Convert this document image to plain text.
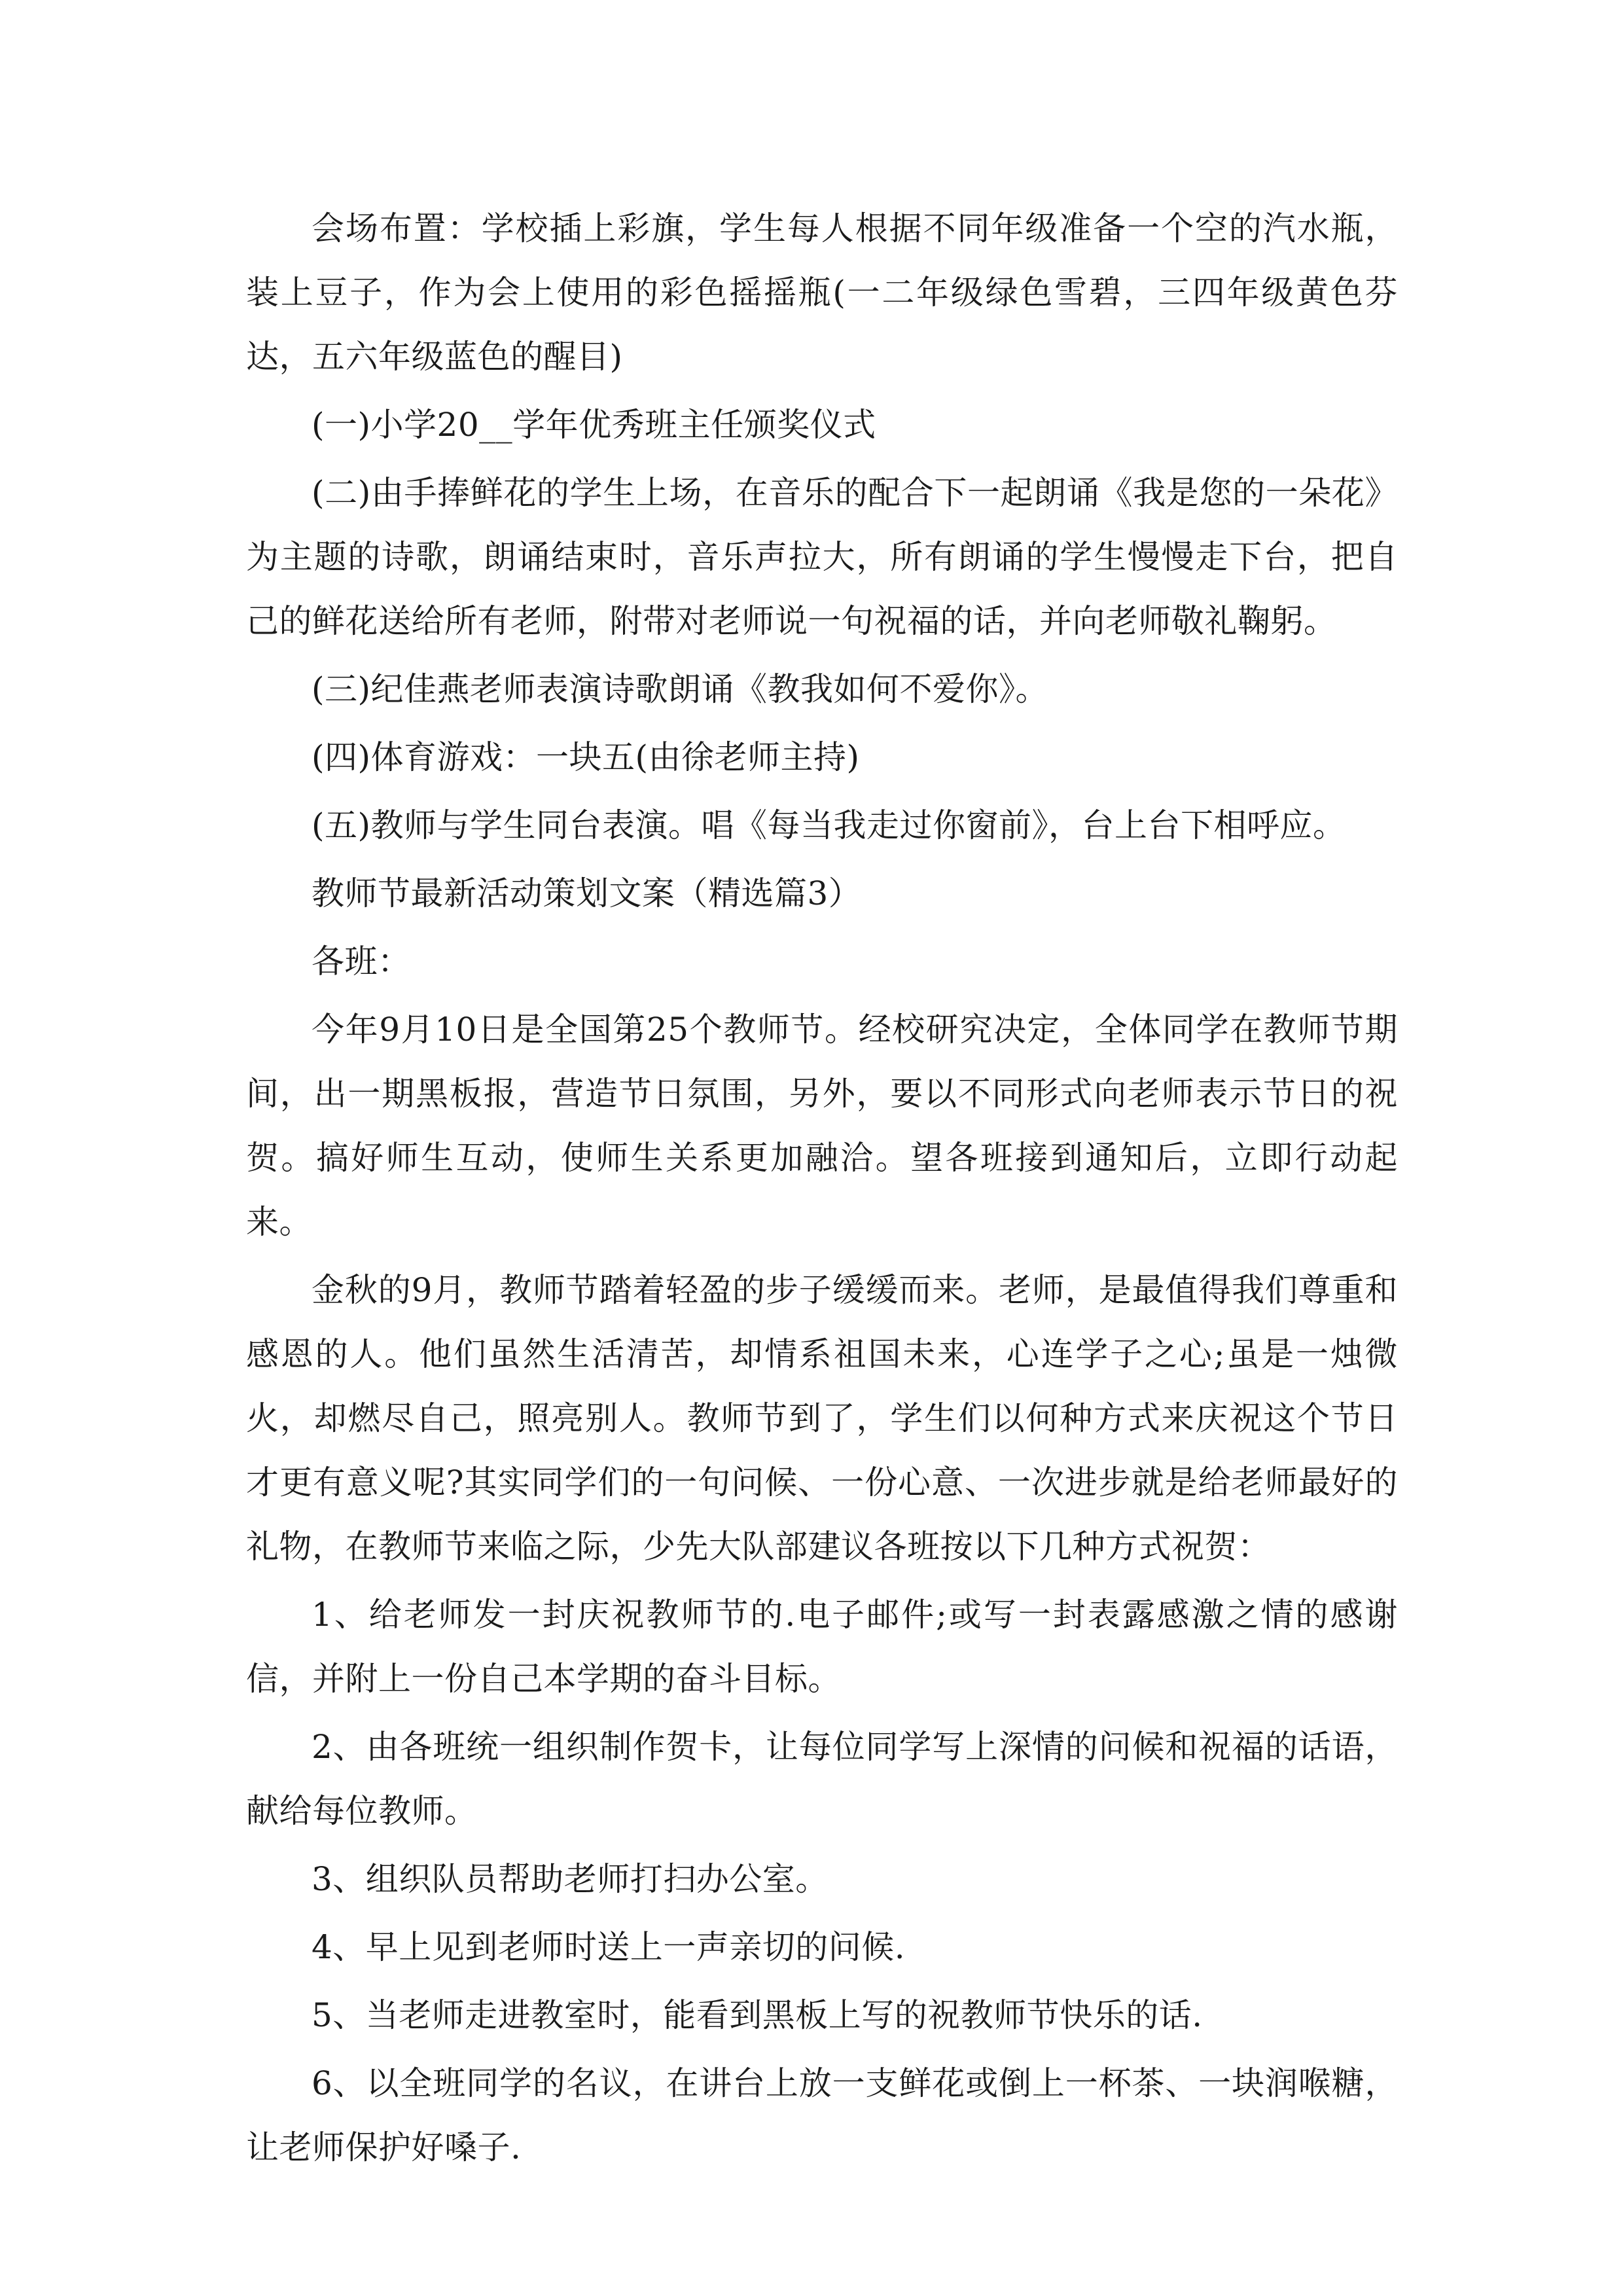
会场布置：学校插上彩旗，学生每人根据不同年级准备一个空的汽水瓶，装上豆子，作为会上使用的彩色摇摇瓶(一二年级绿色雪碧，三四年级黄色芬达，五六年级蓝色的醒目)

(一)小学20__学年优秀班主任颁奖仪式

(二)由手捧鲜花的学生上场，在音乐的配合下一起朗诵《我是您的一朵花》为主题的诗歌，朗诵结束时，音乐声拉大，所有朗诵的学生慢慢走下台，把自己的鲜花送给所有老师，附带对老师说一句祝福的话，并向老师敬礼鞠躬。

(三)纪佳燕老师表演诗歌朗诵《教我如何不爱你》。

(四)体育游戏：一块五(由徐老师主持)

(五)教师与学生同台表演。唱《每当我走过你窗前》，台上台下相呼应。

教师节最新活动策划文案（精选篇3）

各班：

今年9月10日是全国第25个教师节。经校研究决定，全体同学在教师节期间，出一期黑板报，营造节日氛围，另外，要以不同形式向老师表示节日的祝贺。搞好师生互动，使师生关系更加融洽。望各班接到通知后，立即行动起来。

金秋的9月，教师节踏着轻盈的步子缓缓而来。老师，是最值得我们尊重和感恩的人。他们虽然生活清苦，却情系祖国未来，心连学子之心;虽是一烛微火，却燃尽自己，照亮别人。教师节到了，学生们以何种方式来庆祝这个节日才更有意义呢?其实同学们的一句问候、一份心意、一次进步就是给老师最好的礼物，在教师节来临之际，少先大队部建议各班按以下几种方式祝贺：

1、给老师发一封庆祝教师节的.电子邮件;或写一封表露感激之情的感谢信，并附上一份自己本学期的奋斗目标。

2、由各班统一组织制作贺卡，让每位同学写上深情的问候和祝福的话语，献给每位教师。

3、组织队员帮助老师打扫办公室。

4、早上见到老师时送上一声亲切的问候.

5、当老师走进教室时，能看到黑板上写的祝教师节快乐的话.

6、以全班同学的名议，在讲台上放一支鲜花或倒上一杯茶、一块润喉糖，让老师保护好嗓子.
